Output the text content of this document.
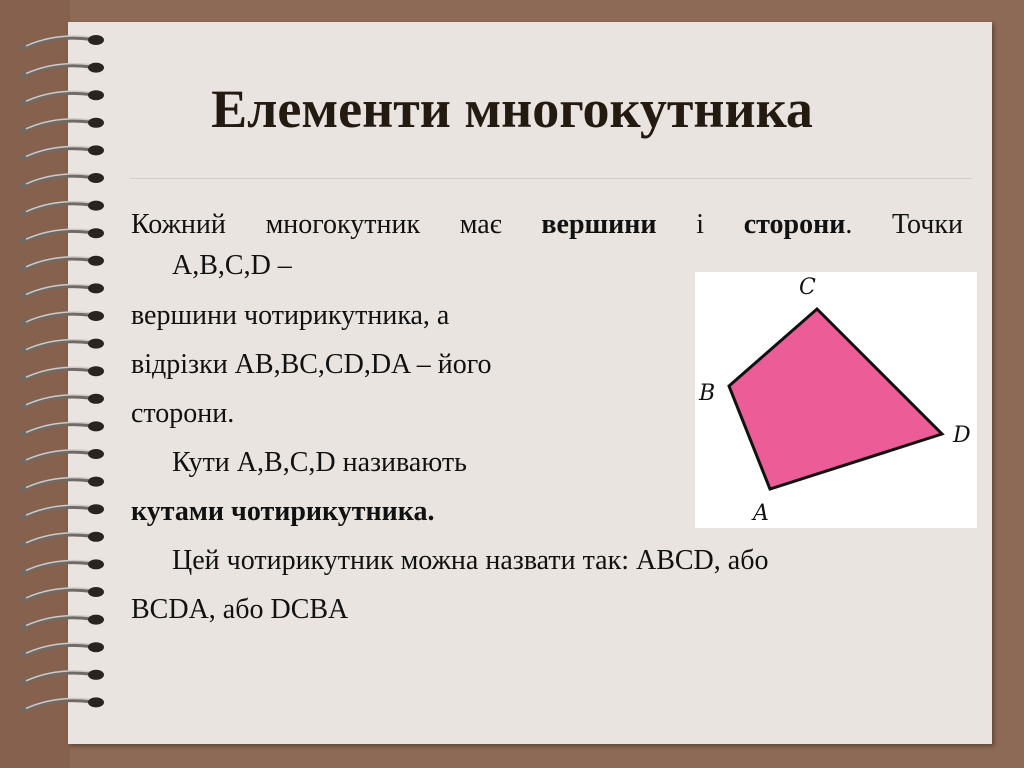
Елементи многокутника
Кожний многокутник має вершини і сторони. Точки

A,B,C,D –

вершини чотирикутника, а

відрізки AB,BC,CD,DA – його

сторони.

Кути A,B,C,D називають

кутами чотирикутника.

Цей чотирикутник можна назвати так: ABCD, або

BCDA, або DCBA

C
B
D
A
